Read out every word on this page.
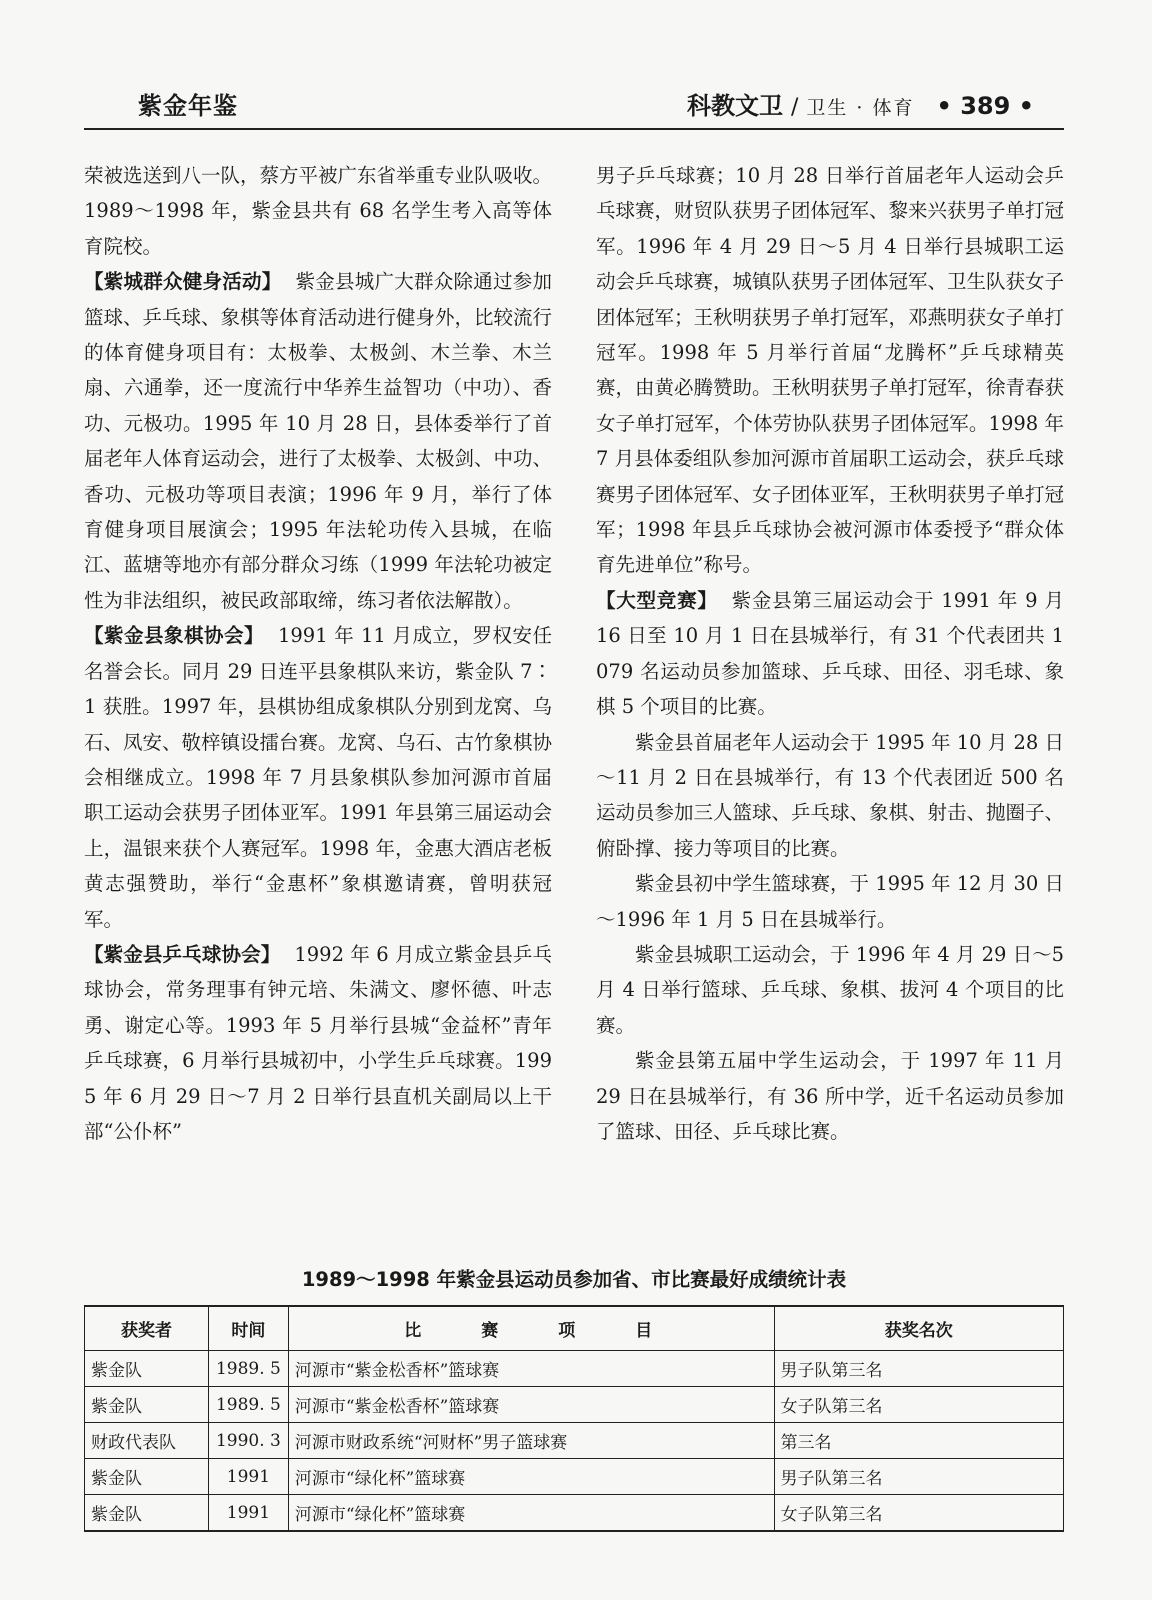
紫金年鉴	科教文卫 / 卫生 · 体育 • 389 •

荣被选送到八一队，蔡方平被广东省举重专业队吸收。1989～1998 年，紫金县共有 68 名学生考入高等体育院校。

【紫城群众健身活动】 紫金县城广大群众除通过参加篮球、乒乓球、象棋等体育活动进行健身外，比较流行的体育健身项目有：太极拳、太极剑、木兰拳、木兰扇、六通拳，还一度流行中华养生益智功（中功）、香功、元极功。1995 年 10 月 28 日，县体委举行了首届老年人体育运动会，进行了太极拳、太极剑、中功、香功、元极功等项目表演；1996 年 9 月，举行了体育健身项目展演会；1995 年法轮功传入县城，在临江、蓝塘等地亦有部分群众习练（1999 年法轮功被定性为非法组织，被民政部取缔，练习者依法解散）。

【紫金县象棋协会】 1991 年 11 月成立，罗权安任名誉会长。同月 29 日连平县象棋队来访，紫金队 7∶1 获胜。1997 年，县棋协组成象棋队分别到龙窝、乌石、凤安、敬梓镇设擂台赛。龙窝、乌石、古竹象棋协会相继成立。1998 年 7 月县象棋队参加河源市首届职工运动会获男子团体亚军。1991 年县第三届运动会上，温银来获个人赛冠军。1998 年，金惠大酒店老板黄志强赞助，举行“金惠杯”象棋邀请赛，曾明获冠军。

【紫金县乒乓球协会】 1992 年 6 月成立紫金县乒乓球协会，常务理事有钟元培、朱满文、廖怀德、叶志勇、谢定心等。1993 年 5 月举行县城“金益杯”青年乒乓球赛，6 月举行县城初中，小学生乒乓球赛。1995 年 6 月 29 日～7 月 2 日举行县直机关副局以上干部“公仆杯”

男子乒乓球赛；10 月 28 日举行首届老年人运动会乒乓球赛，财贸队获男子团体冠军、黎来兴获男子单打冠军。1996 年 4 月 29 日～5 月 4 日举行县城职工运动会乒乓球赛，城镇队获男子团体冠军、卫生队获女子团体冠军；王秋明获男子单打冠军，邓燕明获女子单打冠军。1998 年 5 月举行首届“龙腾杯”乒乓球精英赛，由黄必腾赞助。王秋明获男子单打冠军，徐青春获女子单打冠军，个体劳协队获男子团体冠军。1998 年 7 月县体委组队参加河源市首届职工运动会，获乒乓球赛男子团体冠军、女子团体亚军，王秋明获男子单打冠军；1998 年县乒乓球协会被河源市体委授予“群众体育先进单位”称号。

【大型竞赛】 紫金县第三届运动会于 1991 年 9 月 16 日至 10 月 1 日在县城举行，有 31 个代表团共 1079 名运动员参加篮球、乒乓球、田径、羽毛球、象棋 5 个项目的比赛。

紫金县首届老年人运动会于 1995 年 10 月 28 日～11 月 2 日在县城举行，有 13 个代表团近 500 名运动员参加三人篮球、乒乓球、象棋、射击、抛圈子、俯卧撑、接力等项目的比赛。

紫金县初中学生篮球赛，于 1995 年 12 月 30 日～1996 年 1 月 5 日在县城举行。

紫金县城职工运动会，于 1996 年 4 月 29 日～5 月 4 日举行篮球、乒乓球、象棋、拔河 4 个项目的比赛。

紫金县第五届中学生运动会，于 1997 年 11 月 29 日在县城举行，有 36 所中学，近千名运动员参加了篮球、田径、乒乓球比赛。

1989～1998 年紫金县运动员参加省、市比赛最好成绩统计表
获奖者	时间	比赛项目	获奖名次
紫金队	1989. 5	河源市“紫金松香杯”篮球赛	男子队第三名
紫金队	1989. 5	河源市“紫金松香杯”篮球赛	女子队第三名
财政代表队	1990. 3	河源市财政系统“河财杯”男子篮球赛	第三名
紫金队	1991	河源市“绿化杯”篮球赛	男子队第三名
紫金队	1991	河源市“绿化杯”篮球赛	女子队第三名
